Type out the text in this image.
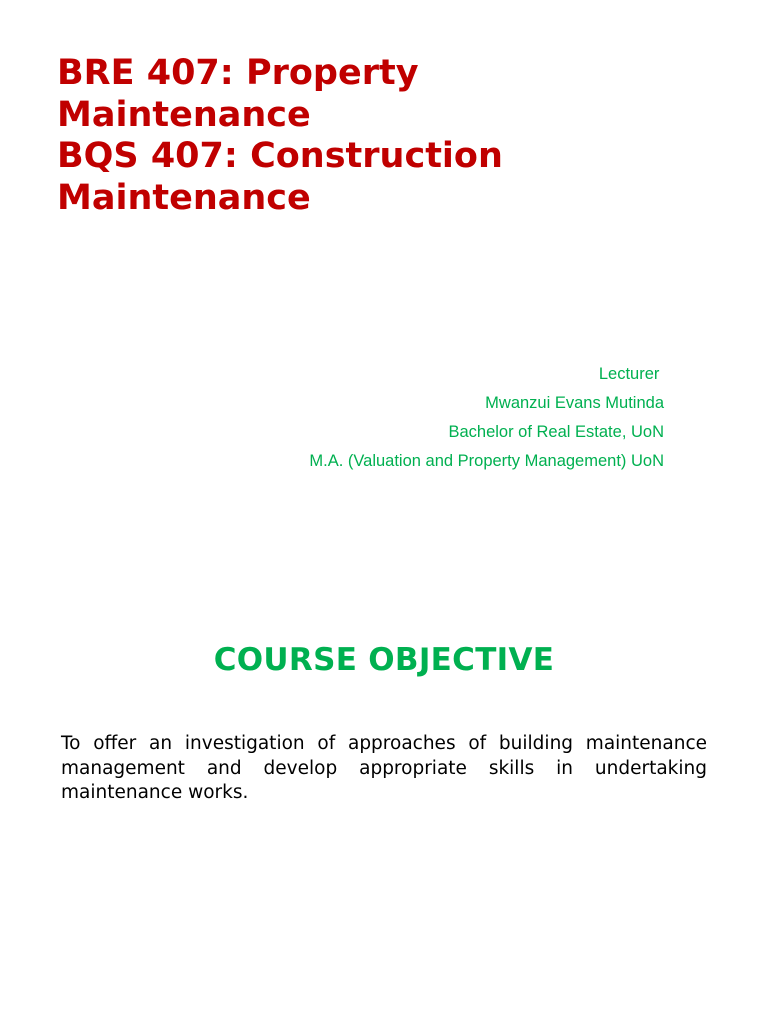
BRE 407: Property
Maintenance
BQS 407: Construction
Maintenance
Lecturer
Mwanzui Evans Mutinda
Bachelor of Real Estate, UoN
M.A. (Valuation and Property Management) UoN
COURSE OBJECTIVE
To offer an investigation of approaches of building maintenance management and develop appropriate skills in undertaking maintenance works.
